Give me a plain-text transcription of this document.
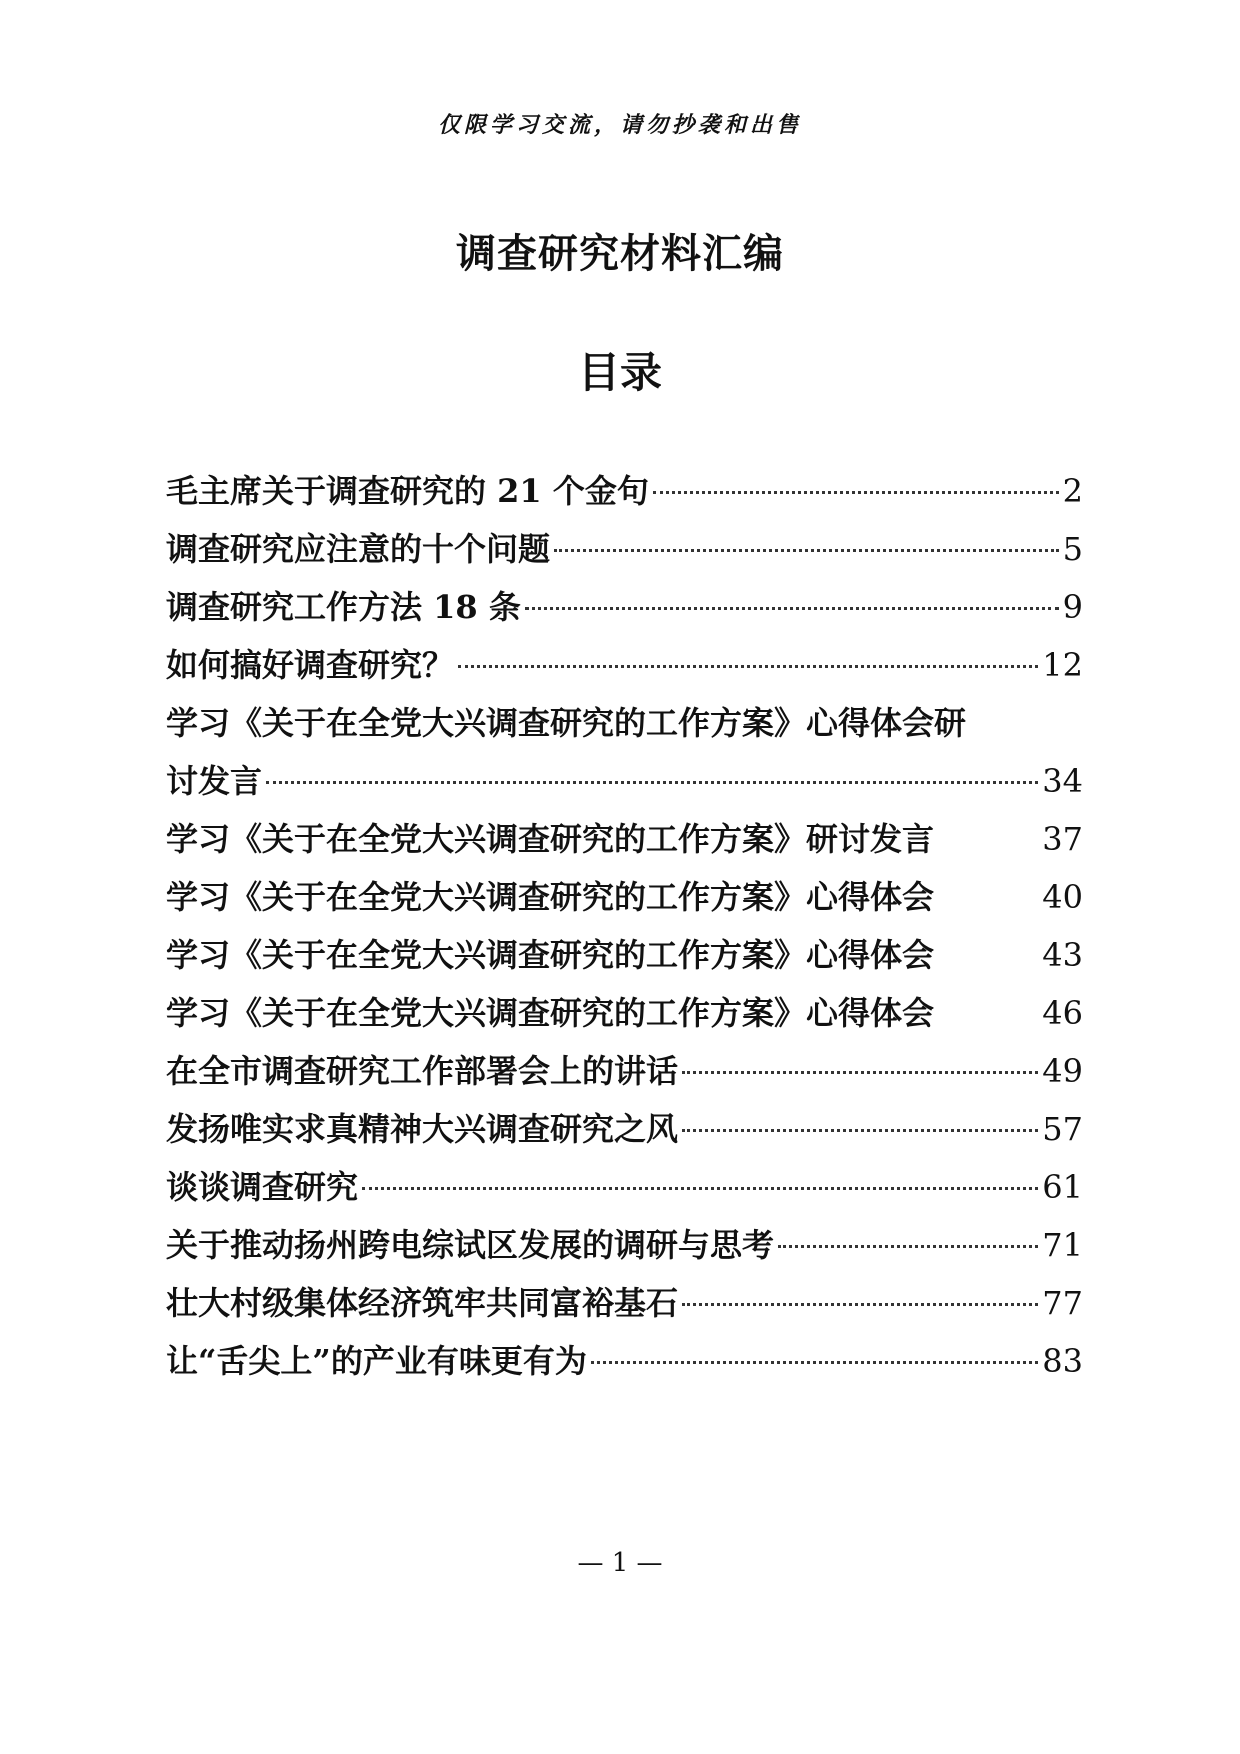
仅限学习交流，请勿抄袭和出售
调查研究材料汇编
目录
毛主席关于调查研究的 21 个金句	2
调查研究应注意的十个问题	5
调查研究工作方法 18 条	9
如何搞好调查研究？	12
学习《关于在全党大兴调查研究的工作方案》心得体会研
讨发言	34
学习《关于在全党大兴调查研究的工作方案》研讨发言	37
学习《关于在全党大兴调查研究的工作方案》心得体会	40
学习《关于在全党大兴调查研究的工作方案》心得体会	43
学习《关于在全党大兴调查研究的工作方案》心得体会	46
在全市调查研究工作部署会上的讲话	49
发扬唯实求真精神大兴调查研究之风	57
谈谈调查研究	61
关于推动扬州跨电综试区发展的调研与思考	71
壮大村级集体经济筑牢共同富裕基石	77
让“舌尖上”的产业有味更有为	83
— 1 —
